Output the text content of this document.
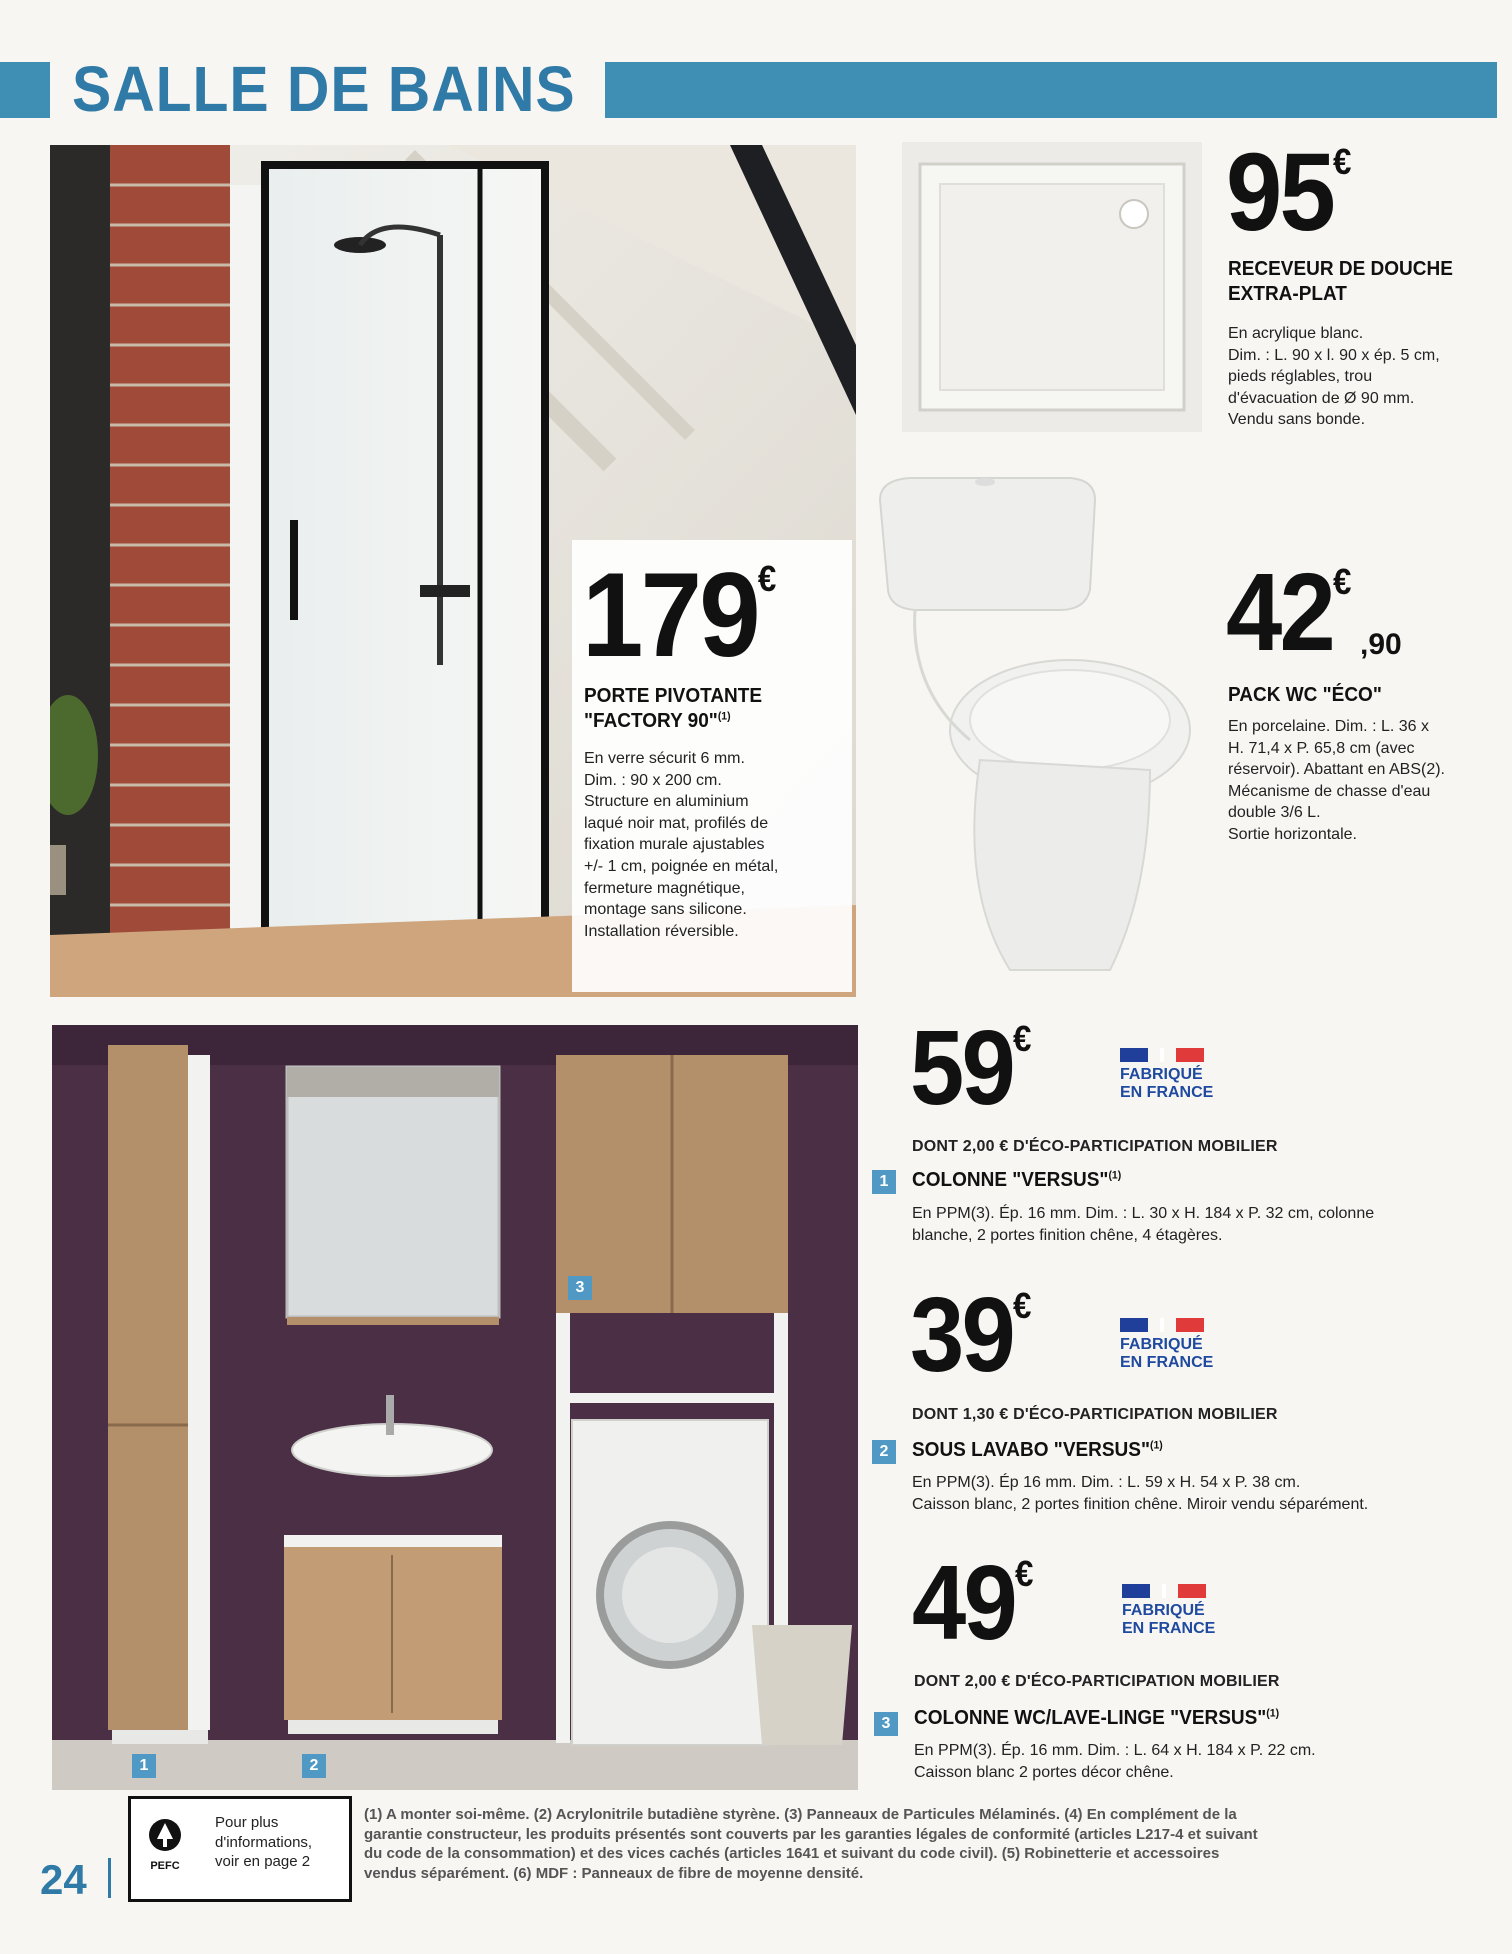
SALLE DE BAINS
179€
PORTE PIVOTANTE
"FACTORY 90"$^{(1)}$
En verre sécurit 6 mm.
Dim. : 90 x 200 cm.
Structure en aluminium
laqué noir mat, profilés de
fixation murale ajustables
+/- 1 cm, poignée en métal,
fermeture magnétique,
montage sans silicone.
Installation réversible.
95€
RECEVEUR DE DOUCHE
EXTRA-PLAT
En acrylique blanc.
Dim. : L. 90 x l. 90 x ép. 5 cm,
pieds réglables, trou
d'évacuation de Ø 90 mm.
Vendu sans bonde.
42€
,90
PACK WC "ÉCO"
En porcelaine. Dim. : L. 36 x
H. 71,4 x P. 65,8 cm (avec
réservoir). Abattant en ABS(2).
Mécanisme de chasse d'eau
double 3/6 L.
Sortie horizontale.
1	2
3
59€
FABRIQUÉ
EN FRANCE
DONT 2,00 € D'ÉCO-PARTICIPATION MOBILIER
1	COLONNE "VERSUS"$^{(1)}$
En PPM(3). Ép. 16 mm. Dim. : L. 30 x H. 184 x P. 32 cm, colonne
blanche, 2 portes finition chêne, 4 étagères.
39€
FABRIQUÉ
EN FRANCE
DONT 1,30 € D'ÉCO-PARTICIPATION MOBILIER
2	SOUS LAVABO "VERSUS"$^{(1)}$
En PPM(3). Ép 16 mm. Dim. : L. 59 x H. 54 x P. 38 cm.
Caisson blanc, 2 portes finition chêne. Miroir vendu séparément.
49€
FABRIQUÉ
EN FRANCE
DONT 2,00 € D'ÉCO-PARTICIPATION MOBILIER
3	COLONNE WC/LAVE-LINGE "VERSUS"$^{(1)}$
En PPM(3). Ép. 16 mm. Dim. : L. 64 x H. 184 x P. 22 cm.
Caisson blanc 2 portes décor chêne.
24	PEFC
Pour plus d'informations, voir en page 2
(1) A monter soi-même. (2) Acrylonitrile butadiène styrène. (3) Panneaux de Particules Mélaminés. (4) En complément de la
garantie constructeur, les produits présentés sont couverts par les garanties légales de conformité (articles L217-4 et suivant
du code de la consommation) et des vices cachés (articles 1641 et suivant du code civil). (5) Robinetterie et accessoires
vendus séparément. (6) MDF : Panneaux de fibre de moyenne densité.
